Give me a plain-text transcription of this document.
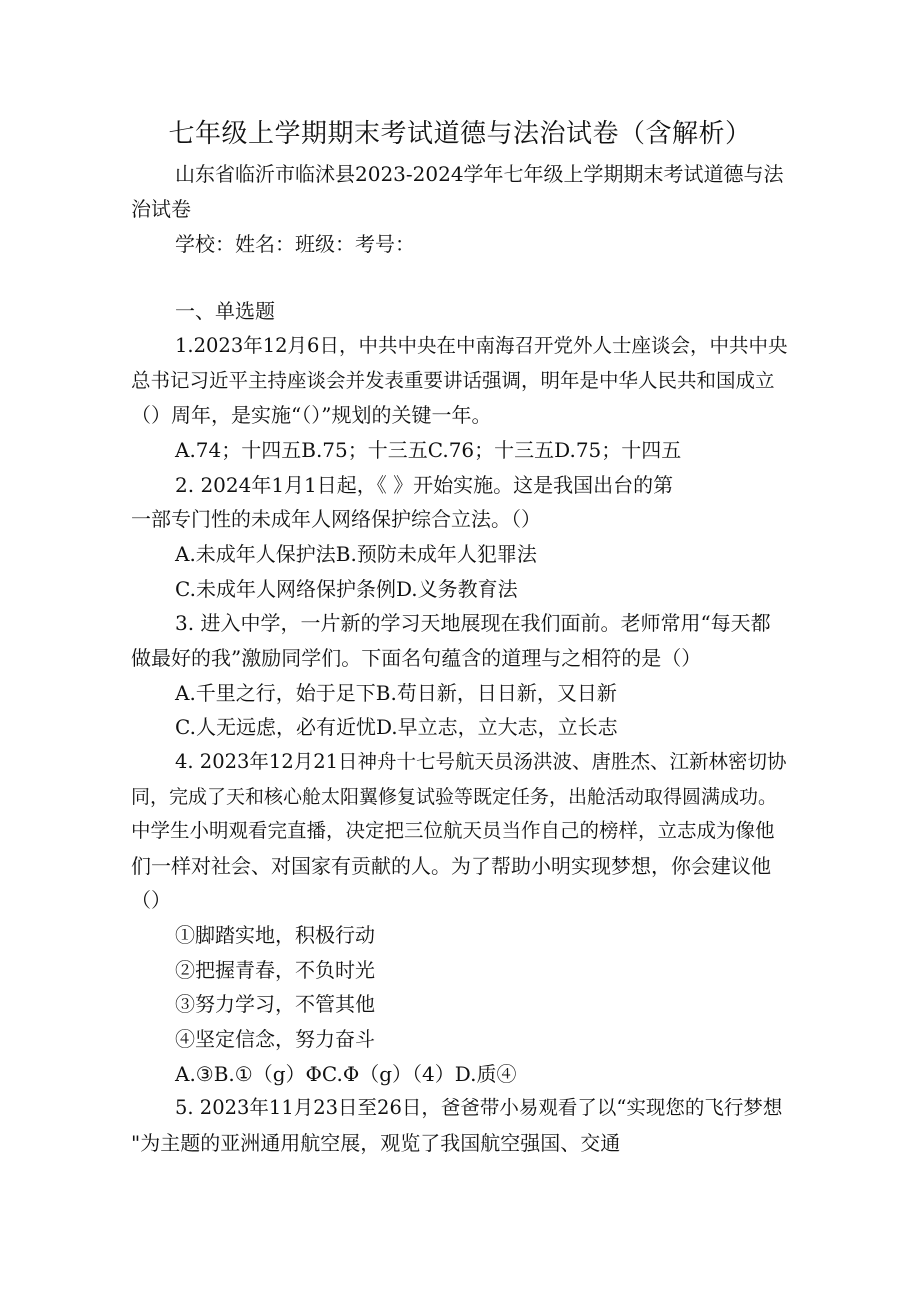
七年级上学期期末考试道德与法治试卷（含解析）
山东省临沂市临沭县2023-2024学年七年级上学期期末考试道德与法
治试卷
学校：姓名：班级：考号：
一、单选题
1.2023年12月6日，中共中央在中南海召开党外人士座谈会，中共中央
总书记习近平主持座谈会并发表重要讲话强调，明年是中华人民共和国成立
（）周年，是实施“（）”规划的关键一年。
A.74；十四五B.75；十三五C.76；十三五D.75；十四五
2. 2024年1月1日起，《 》开始实施。这是我国出台的第
一部专门性的未成年人网络保护综合立法。（）
A.未成年人保护法B.预防未成年人犯罪法
C.未成年人网络保护条例D.义务教育法
3. 进入中学，一片新的学习天地展现在我们面前。老师常用“每天都
做最好的我”激励同学们。下面名句蕴含的道理与之相符的是（）
A.千里之行，始于足下B.苟日新，日日新，又日新
C.人无远虑，必有近忧D.早立志，立大志，立长志
4. 2023年12月21日神舟十七号航天员汤洪波、唐胜杰、江新林密切协
同，完成了天和核心舱太阳翼修复试验等既定任务，出舱活动取得圆满成功。
中学生小明观看完直播，决定把三位航天员当作自己的榜样，立志成为像他
们一样对社会、对国家有贡献的人。为了帮助小明实现梦想，你会建议他
（）
①脚踏实地，积极行动
②把握青春，不负时光
③努力学习，不管其他
④坚定信念，努力奋斗
A.③B.①（g）ΦC.Φ（g）（4）D.质④
5. 2023年11月23日至26日，爸爸带小易观看了以“实现您的飞行梦想
"为主题的亚洲通用航空展，观览了我国航空强国、交通
